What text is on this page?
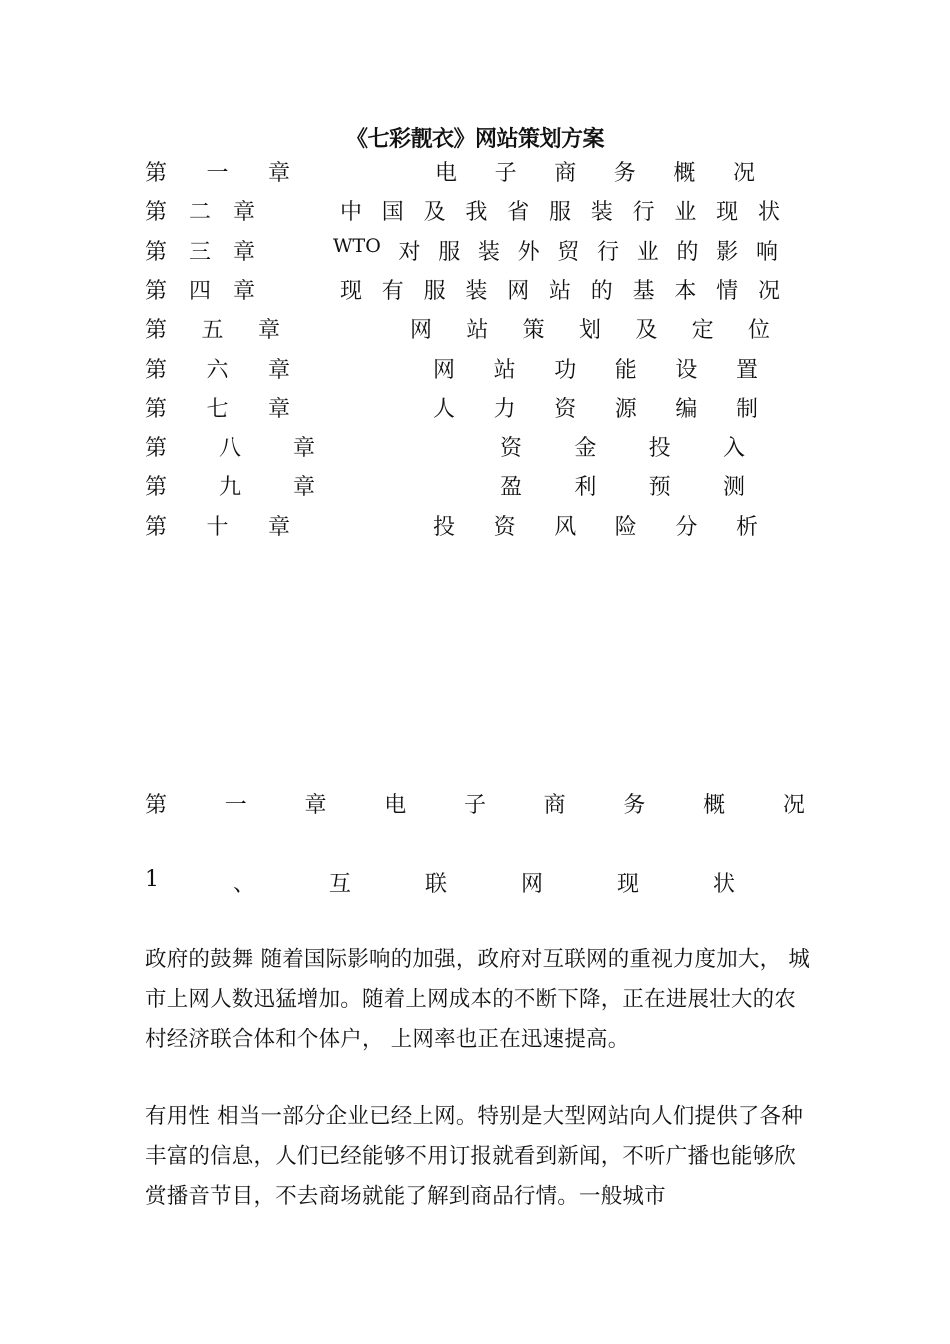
《七彩靓衣》网站策划方案
第 一 章	电 子 商 务 概 况
第 二 章	中 国 及 我 省 服 装 行 业 现 状
第 三 章	WTO 对 服 装 外 贸 行 业 的 影 响
第 四 章	现 有 服 装 网 站 的 基 本 情 况
第 五 章	网 站 策 划 及 定 位
第 六 章	网 站 功 能 设 置
第 七 章	人 力 资 源 编 制
第 八 章	资 金 投 入
第 九 章	盈 利 预 测
第 十 章	投 资 风 险 分 析
第	一	章	电	子	商	务	概	况
1	、	互	联	网	现	状

政府的鼓舞 随着国际影响的加强，政府对互联网的重视力度加大， 城市上网人数迅猛增加。随着上网成本的不断下降，正在进展壮大的农村经济联合体和个体户， 上网率也正在迅速提高。

有用性 相当一部分企业已经上网。特别是大型网站向人们提供了各种丰富的信息，人们已经能够不用订报就看到新闻，不听广播也能够欣赏播音节目，不去商场就能了解到商品行情。一般城市
